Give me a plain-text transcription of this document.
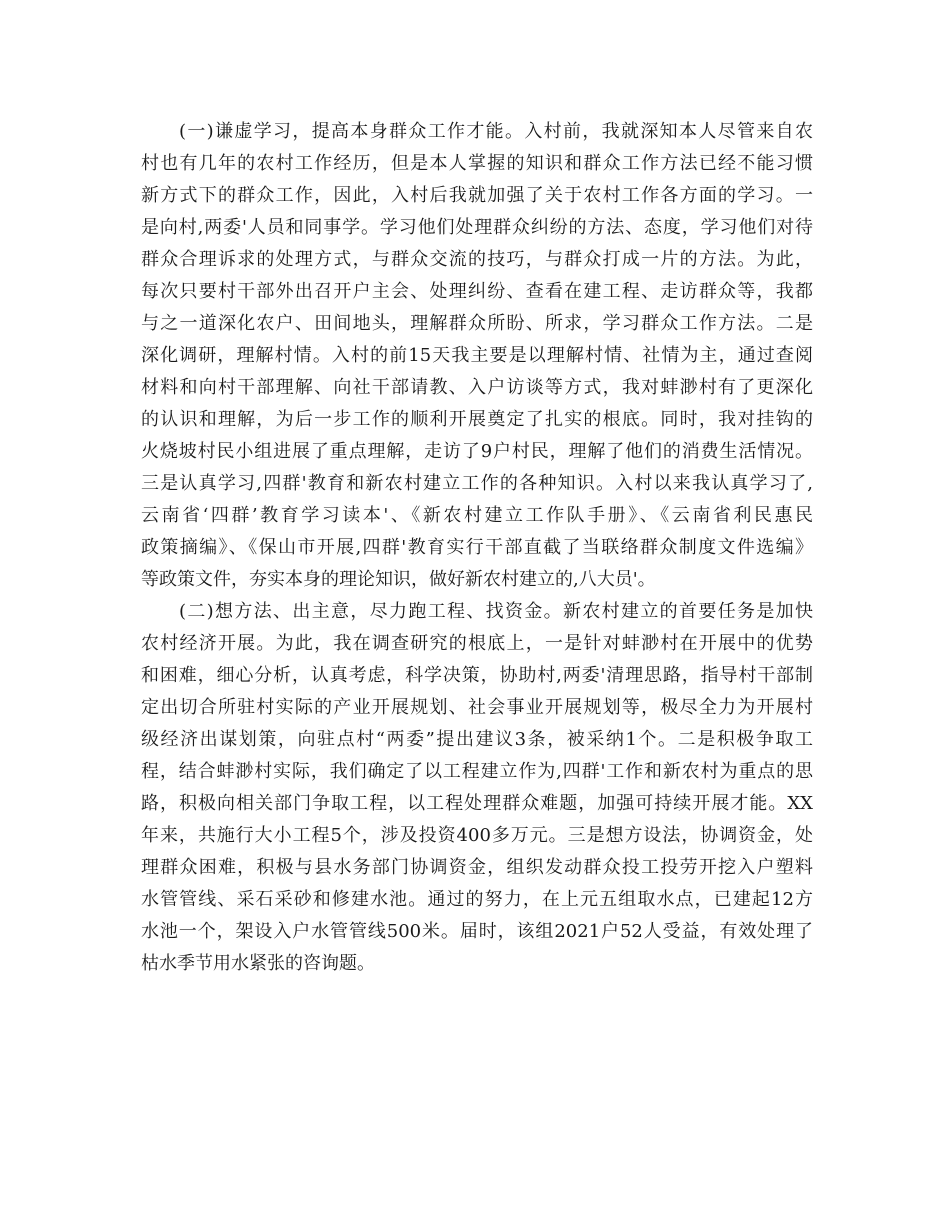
(一)谦虚学习，提高本身群众工作才能。入村前，我就深知本人尽管来自农
村也有几年的农村工作经历，但是本人掌握的知识和群众工作方法已经不能习惯
新方式下的群众工作，因此，入村后我就加强了关于农村工作各方面的学习。一
是向村,两委'人员和同事学。学习他们处理群众纠纷的方法、态度，学习他们对待
群众合理诉求的处理方式，与群众交流的技巧，与群众打成一片的方法。为此，
每次只要村干部外出召开户主会、处理纠纷、查看在建工程、走访群众等，我都
与之一道深化农户、田间地头，理解群众所盼、所求，学习群众工作方法。二是
深化调研，理解村情。入村的前15天我主要是以理解村情、社情为主，通过查阅
材料和向村干部理解、向社干部请教、入户访谈等方式，我对蚌渺村有了更深化
的认识和理解，为后一步工作的顺利开展奠定了扎实的根底。同时，我对挂钩的
火烧坡村民小组进展了重点理解，走访了9户村民，理解了他们的消费生活情况。
三是认真学习,四群'教育和新农村建立工作的各种知识。入村以来我认真学习了,
云南省‘四群’教育学习读本'、《新农村建立工作队手册》、《云南省利民惠民
政策摘编》、《保山市开展,四群'教育实行干部直截了当联络群众制度文件选编》
等政策文件，夯实本身的理论知识，做好新农村建立的,八大员'。
(二)想方法、出主意，尽力跑工程、找资金。新农村建立的首要任务是加快
农村经济开展。为此，我在调查研究的根底上，一是针对蚌渺村在开展中的优势
和困难，细心分析，认真考虑，科学决策，协助村,两委'清理思路，指导村干部制
定出切合所驻村实际的产业开展规划、社会事业开展规划等，极尽全力为开展村
级经济出谋划策，向驻点村“两委”提出建议3条，被采纳1个。二是积极争取工
程，结合蚌渺村实际，我们确定了以工程建立作为,四群'工作和新农村为重点的思
路，积极向相关部门争取工程，以工程处理群众难题，加强可持续开展才能。XX
年来，共施行大小工程5个，涉及投资400多万元。三是想方设法，协调资金，处
理群众困难，积极与县水务部门协调资金，组织发动群众投工投劳开挖入户塑料
水管管线、采石采砂和修建水池。通过的努力，在上元五组取水点，已建起12方
水池一个，架设入户水管管线500米。届时，该组2021户52人受益，有效处理了
枯水季节用水紧张的咨询题。
